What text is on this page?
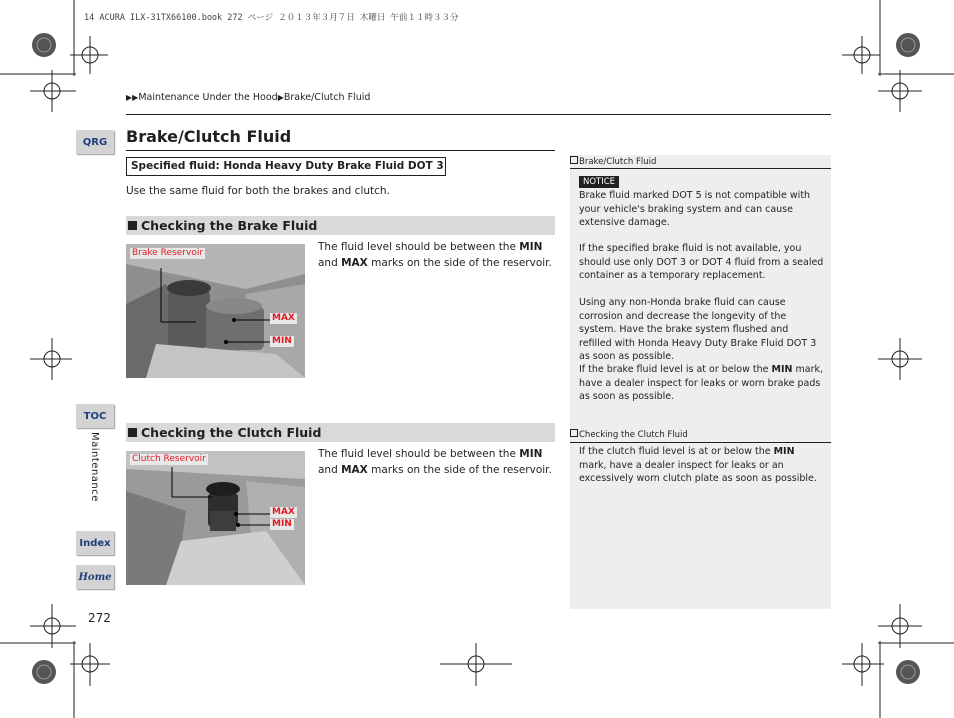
14 ACURA ILX-31TX66100.book 272 ページ ２０１３年３月７日 木曜日 午前１１時３３分
▶▶Maintenance Under the Hood▶Brake/Clutch Fluid
QRG
TOC
Maintenance
Index
Home
272
Brake/Clutch Fluid
Specified fluid: Honda Heavy Duty Brake Fluid DOT 3
Use the same fluid for both the brakes and clutch.
Checking the Brake Fluid
Brake Reservoir
MAX
MIN
The fluid level should be between the MIN and MAX marks on the side of the reservoir.
Checking the Clutch Fluid
Clutch Reservoir
MAX
MIN
The fluid level should be between the MIN and MAX marks on the side of the reservoir.
Brake/Clutch Fluid
NOTICE
Brake fluid marked DOT 5 is not compatible with your vehicle's braking system and can cause extensive damage.
If the specified brake fluid is not available, you should use only DOT 3 or DOT 4 fluid from a sealed container as a temporary replacement.
Using any non-Honda brake fluid can cause corrosion and decrease the longevity of the system. Have the brake system flushed and refilled with Honda Heavy Duty Brake Fluid DOT 3 as soon as possible.
If the brake fluid level is at or below the MIN mark, have a dealer inspect for leaks or worn brake pads as soon as possible.
Checking the Clutch Fluid
If the clutch fluid level is at or below the MIN mark, have a dealer inspect for leaks or an excessively worn clutch plate as soon as possible.
